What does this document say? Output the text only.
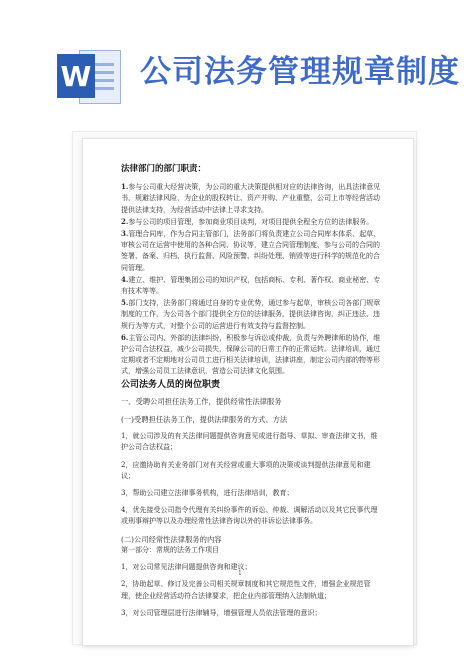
W 公司法务管理规章制度

法律部门的部门职责：

1.参与公司重大经营决策，为公司的重大决策提供相对应的法律咨询，出具法律意见书，规避法律风险，为企业的股权转让、资产并购、产业重整、公司上市等经营活动提供法律支持，为经营活动中法律上寻求支持。

2.参与公司的项目管理，参加商业项目谈判，对项目提供全程全方位的法律服务。

3.管理合同库，作为合同主管部门，法务部门将负责建立公司合同库本体系、起草、审核公司在运营中使用的各种合同、协议等，建立合同管理制度，参与公司的合同的签署、备案、归档、执行监督、风险预警、纠纷处理、销毁等进行科学的规范化的合同管理。

4.建立、维护、管理集团公司的知识产权，包括商标、专利、著作权、商业秘密、专有技术等等。

5.部门支持，法务部门将通过自身的专业优势，通过参与起草，审核公司各部门规章制度的工作，为公司各个部门提供全方位的法律服务，提供法律咨询，纠正违法、违规行为等方式，对整个公司的运营进行有效支持与监督控制。

6.主管公司内、外部的法律纠纷，积极参与诉讼或仲裁，负责与外聘律师的协作，维护公司合法权益，减少公司损失，保障公司的日常工作的正常运转。法律培训，通过定期或者不定期地对公司员工进行相关法律培训，法律讲座，制定公司内部的物等形式，增强公司员工法律意识，营造公司法律文化氛围。

公司法务人员的岗位职责

一、受聘公司担任法务工作，提供经常性法律服务

(一)受聘担任法务工作，提供法律服务的方式、方法

1，就公司涉及的有关法律问题提供咨询意见或进行指导、草拟、审查法律文书，维护公司合法权益；

2，应邀协助有关业务部门对有关经营或重大事项的决策或谈判提供法律意见和建议；

3，帮助公司建立法律事务机构，进行法律培训，教育；

4，优先接受公司指令代理有关纠纷事件的诉讼、仲裁、调解活动以及其它民事代理或刑事辩护等以及办理经常性法律咨询以外的非诉讼法律事务。

(二)公司经常性法律服务的内容

第一部分：常规的法务工作项目

1，对公司常见法律问题提供咨询和建议；

2，协助起草、修订及完善公司相关规章制度和其它规范性文件，增强企业规范管理，使企业经营活动符合法律要求，把企业内部管理纳入法制轨道；

3，对公司管理层进行法律辅导，增强管理人员依法管理的意识；

1
